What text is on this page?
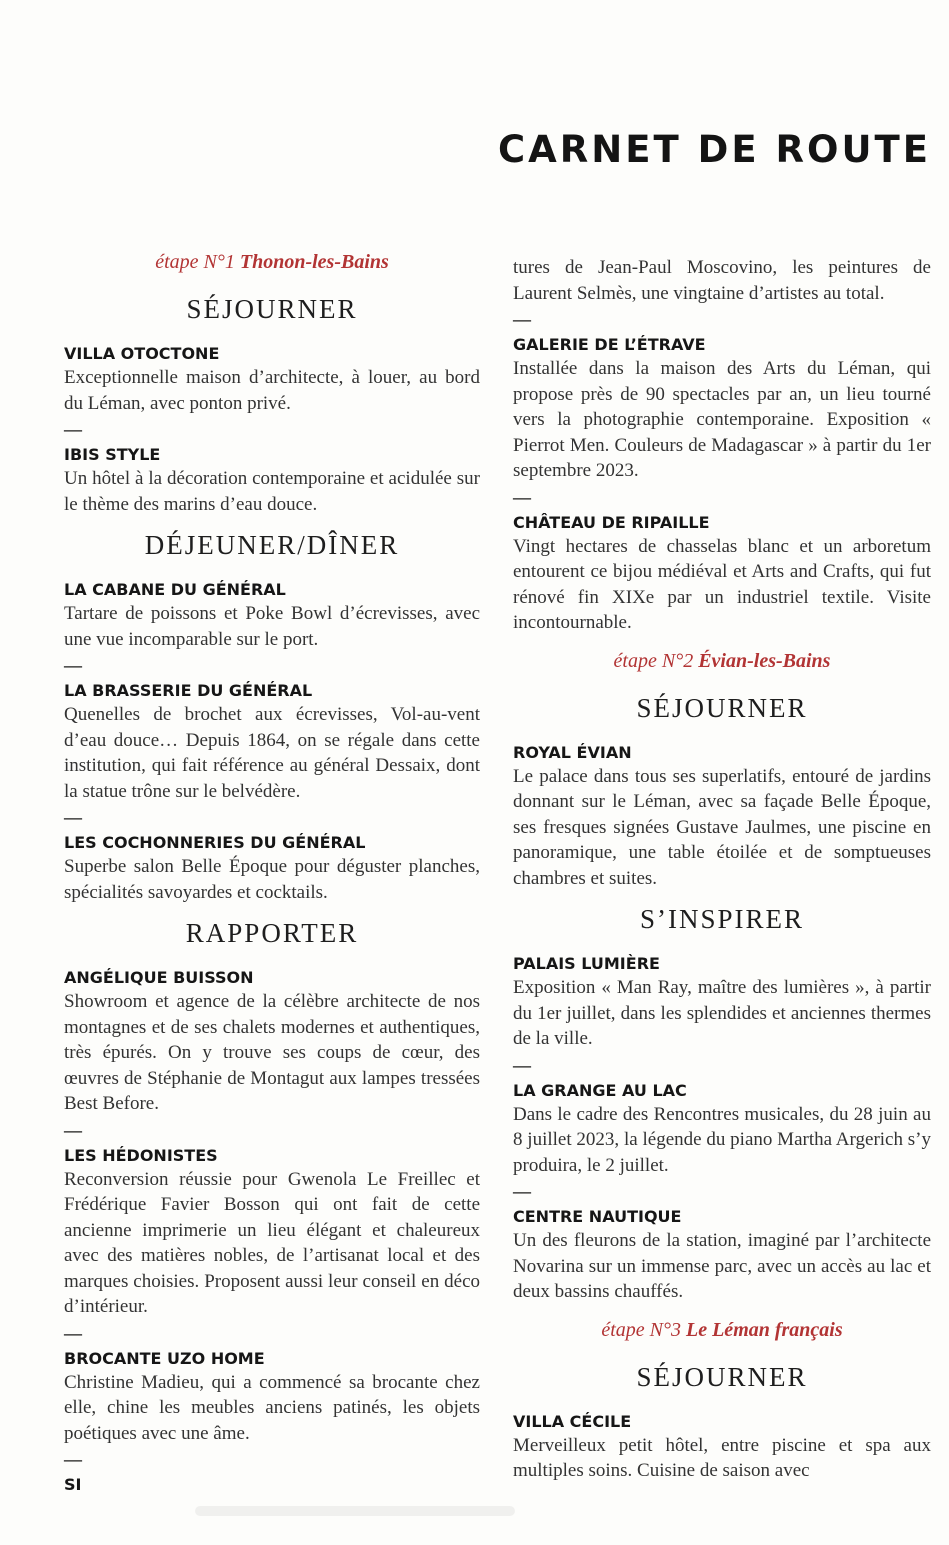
CARNET DE ROUTE
étape N°1 Thonon-les-Bains
SÉJOURNER
VILLA OTOCTONE
Exceptionnelle maison d’architecte, à louer, au bord du Léman, avec ponton privé.
—
IBIS STYLE
Un hôtel à la décoration contemporaine et acidulée sur le thème des marins d’eau douce.
DÉJEUNER/DÎNER
LA CABANE DU GÉNÉRAL
Tartare de poissons et Poke Bowl d’écrevisses, avec une vue incomparable sur le port.
—
LA BRASSERIE DU GÉNÉRAL
Quenelles de brochet aux écrevisses, Vol-au-vent d’eau douce… Depuis 1864, on se régale dans cette institution, qui fait référence au général Dessaix, dont la statue trône sur le belvédère.
—
LES COCHONNERIES DU GÉNÉRAL
Superbe salon Belle Époque pour déguster planches, spécialités savoyardes et cocktails.
RAPPORTER
ANGÉLIQUE BUISSON
Showroom et agence de la célèbre architecte de nos montagnes et de ses chalets modernes et authentiques, très épurés. On y trouve ses coups de cœur, des œuvres de Stéphanie de Montagut aux lampes tressées Best Before.
—
LES HÉDONISTES
Reconversion réussie pour Gwenola Le Freillec et Frédérique Favier Bosson qui ont fait de cette ancienne imprimerie un lieu élégant et chaleureux avec des matières nobles, de l’artisanat local et des marques choisies. Proposent aussi leur conseil en déco d’intérieur.
—
BROCANTE UZO HOME
Christine Madieu, qui a commencé sa brocante chez elle, chine les meubles anciens patinés, les objets poétiques avec une âme.
—
SI
tures de Jean-Paul Moscovino, les peintures de Laurent Selmès, une vingtaine d’artistes au total.
—
GALERIE DE L’ÉTRAVE
Installée dans la maison des Arts du Léman, qui propose près de 90 spectacles par an, un lieu tourné vers la photographie contemporaine. Exposition « Pierrot Men. Couleurs de Madagascar » à partir du 1er septembre 2023.
—
CHÂTEAU DE RIPAILLE
Vingt hectares de chasselas blanc et un arboretum entourent ce bijou médiéval et Arts and Crafts, qui fut rénové fin XIXe par un industriel textile. Visite incontournable.
étape N°2 Évian-les-Bains
SÉJOURNER
ROYAL ÉVIAN
Le palace dans tous ses superlatifs, entouré de jardins donnant sur le Léman, avec sa façade Belle Époque, ses fresques signées Gustave Jaulmes, une piscine en panoramique, une table étoilée et de somptueuses chambres et suites.
S’INSPIRER
PALAIS LUMIÈRE
Exposition « Man Ray, maître des lumières », à partir du 1er juillet, dans les splendides et anciennes thermes de la ville.
—
LA GRANGE AU LAC
Dans le cadre des Rencontres musicales, du 28 juin au 8 juillet 2023, la légende du piano Martha Argerich s’y produira, le 2 juillet.
—
CENTRE NAUTIQUE
Un des fleurons de la station, imaginé par l’architecte Novarina sur un immense parc, avec un accès au lac et deux bassins chauffés.
étape N°3 Le Léman français
SÉJOURNER
VILLA CÉCILE
Merveilleux petit hôtel, entre piscine et spa aux multiples soins. Cuisine de saison avec
